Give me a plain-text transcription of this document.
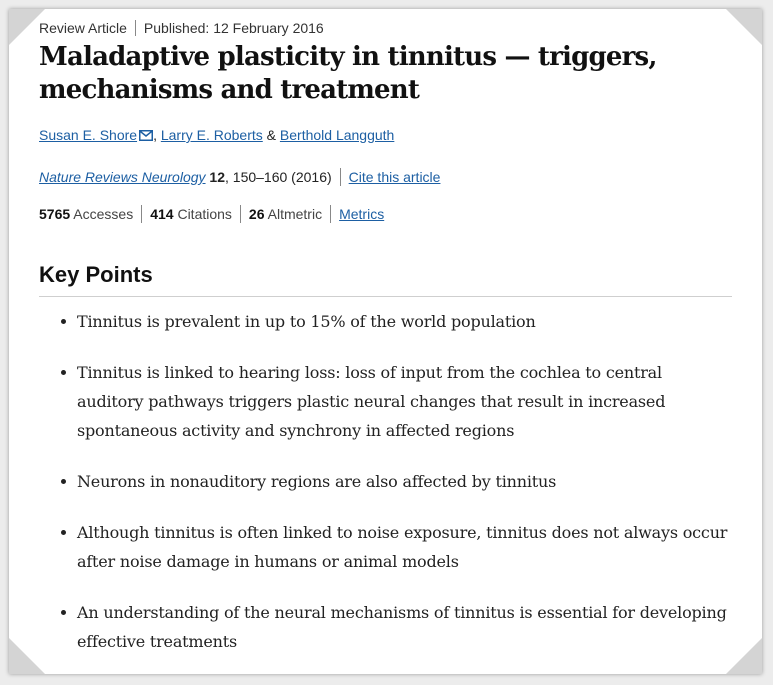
Review Article Published: 12 February 2016
Maladaptive plasticity in tinnitus — triggers, mechanisms and treatment
Susan E. Shore , Larry E. Roberts & Berthold Langguth
Nature Reviews Neurology 12, 150–160 (2016) Cite this article
5765 Accesses 414 Citations 26 Altmetric Metrics
Key Points
Tinnitus is prevalent in up to 15% of the world population
Tinnitus is linked to hearing loss: loss of input from the cochlea to central auditory pathways triggers plastic neural changes that result in increased spontaneous activity and synchrony in affected regions
Neurons in nonauditory regions are also affected by tinnitus
Although tinnitus is often linked to noise exposure, tinnitus does not always occur after noise damage in humans or animal models
An understanding of the neural mechanisms of tinnitus is essential for developing effective treatments
